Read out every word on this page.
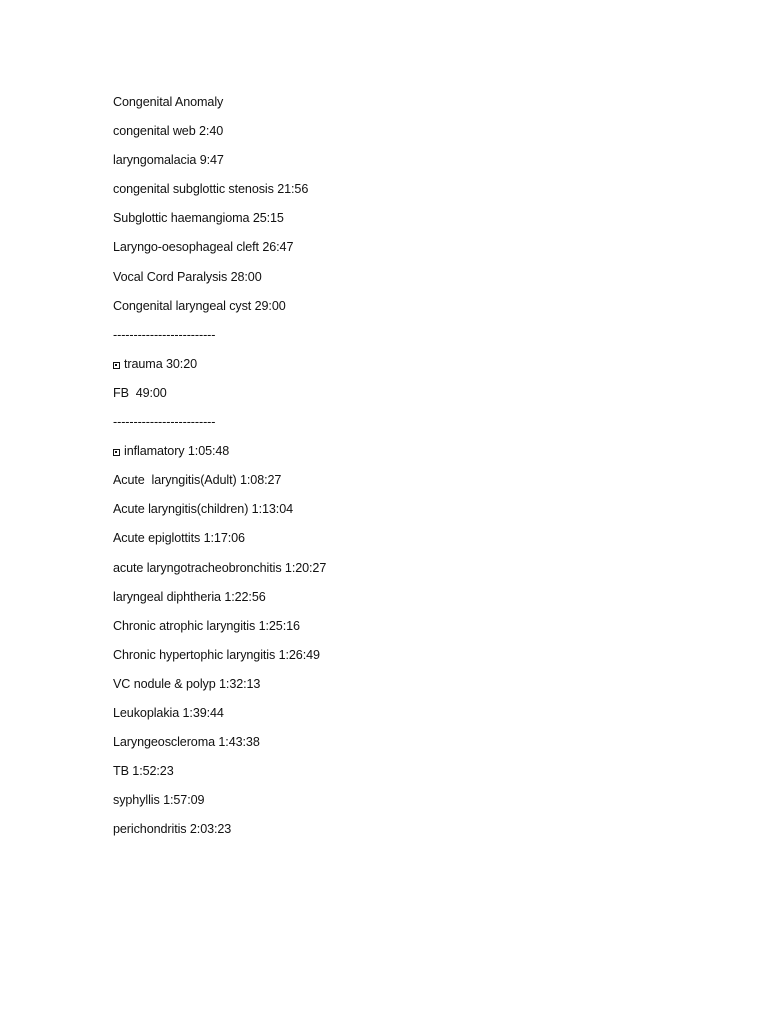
Congenital Anomaly
congenital web 2:40
laryngomalacia 9:47
congenital subglottic stenosis 21:56
Subglottic haemangioma 25:15
Laryngo-oesophageal cleft 26:47
Vocal Cord Paralysis 28:00
Congenital laryngeal cyst 29:00
-------------------------
trauma 30:20
FB  49:00
-------------------------
inflamatory 1:05:48
Acute  laryngitis(Adult) 1:08:27
Acute laryngitis(children) 1:13:04
Acute epiglottits 1:17:06
acute laryngotracheobronchitis 1:20:27
laryngeal diphtheria 1:22:56
Chronic atrophic laryngitis 1:25:16
Chronic hypertophic laryngitis 1:26:49
VC nodule & polyp 1:32:13
Leukoplakia 1:39:44
Laryngeoscleroma 1:43:38
TB 1:52:23
syphyllis 1:57:09
perichondritis 2:03:23
